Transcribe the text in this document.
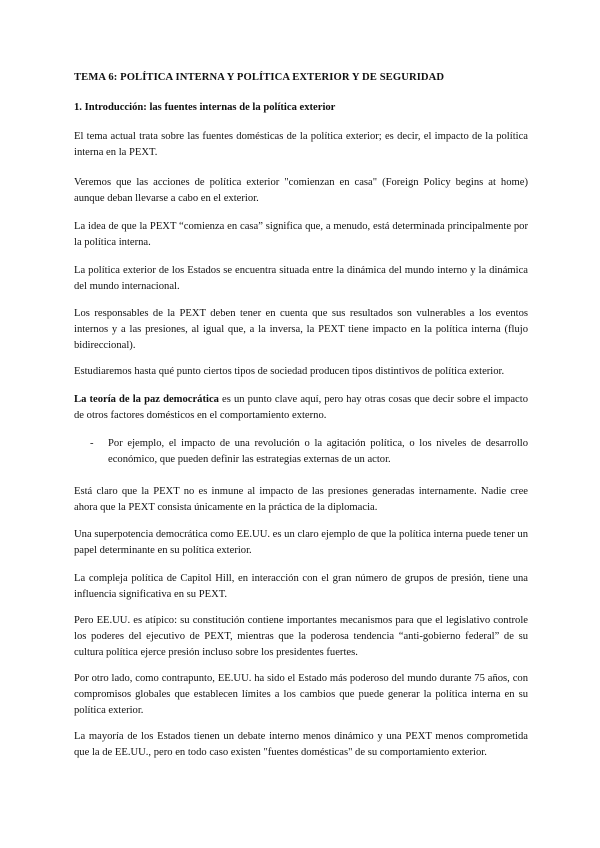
TEMA 6: POLÍTICA INTERNA Y POLÍTICA EXTERIOR Y DE SEGURIDAD
1. Introducción: las fuentes internas de la política exterior

El tema actual trata sobre las fuentes domésticas de la política exterior; es decir, el impacto de la política interna en la PEXT.

Veremos que las acciones de política exterior "comienzan en casa" (Foreign Policy begins at home) aunque deban llevarse a cabo en el exterior.

La idea de que la PEXT “comienza en casa” significa que, a menudo, está determinada principalmente por la política interna.

La política exterior de los Estados se encuentra situada entre la dinámica del mundo interno y la dinámica del mundo internacional.

Los responsables de la PEXT deben tener en cuenta que sus resultados son vulnerables a los eventos internos y a las presiones, al igual que, a la inversa, la PEXT tiene impacto en la política interna (flujo bidireccional).

Estudiaremos hasta qué punto ciertos tipos de sociedad producen tipos distintivos de política exterior.

La teoría de la paz democrática es un punto clave aquí, pero hay otras cosas que decir sobre el impacto de otros factores domésticos en el comportamiento externo.

- Por ejemplo, el impacto de una revolución o la agitación política, o los niveles de desarrollo económico, que pueden definir las estrategias externas de un actor.

Está claro que la PEXT no es inmune al impacto de las presiones generadas internamente. Nadie cree ahora que la PEXT consista únicamente en la práctica de la diplomacia.

Una superpotencia democrática como EE.UU. es un claro ejemplo de que la política interna puede tener un papel determinante en su política exterior.

La compleja política de Capitol Hill, en interacción con el gran número de grupos de presión, tiene una influencia significativa en su PEXT.

Pero EE.UU. es atípico: su constitución contiene importantes mecanismos para que el legislativo controle los poderes del ejecutivo de PEXT, mientras que la poderosa tendencia “anti-gobierno federal” de su cultura política ejerce presión incluso sobre los presidentes fuertes.

Por otro lado, como contrapunto, EE.UU. ha sido el Estado más poderoso del mundo durante 75 años, con compromisos globales que establecen límites a los cambios que puede generar la política interna en su política exterior.

La mayoría de los Estados tienen un debate interno menos dinámico y una PEXT menos comprometida que la de EE.UU., pero en todo caso existen "fuentes domésticas" de su comportamiento exterior.
